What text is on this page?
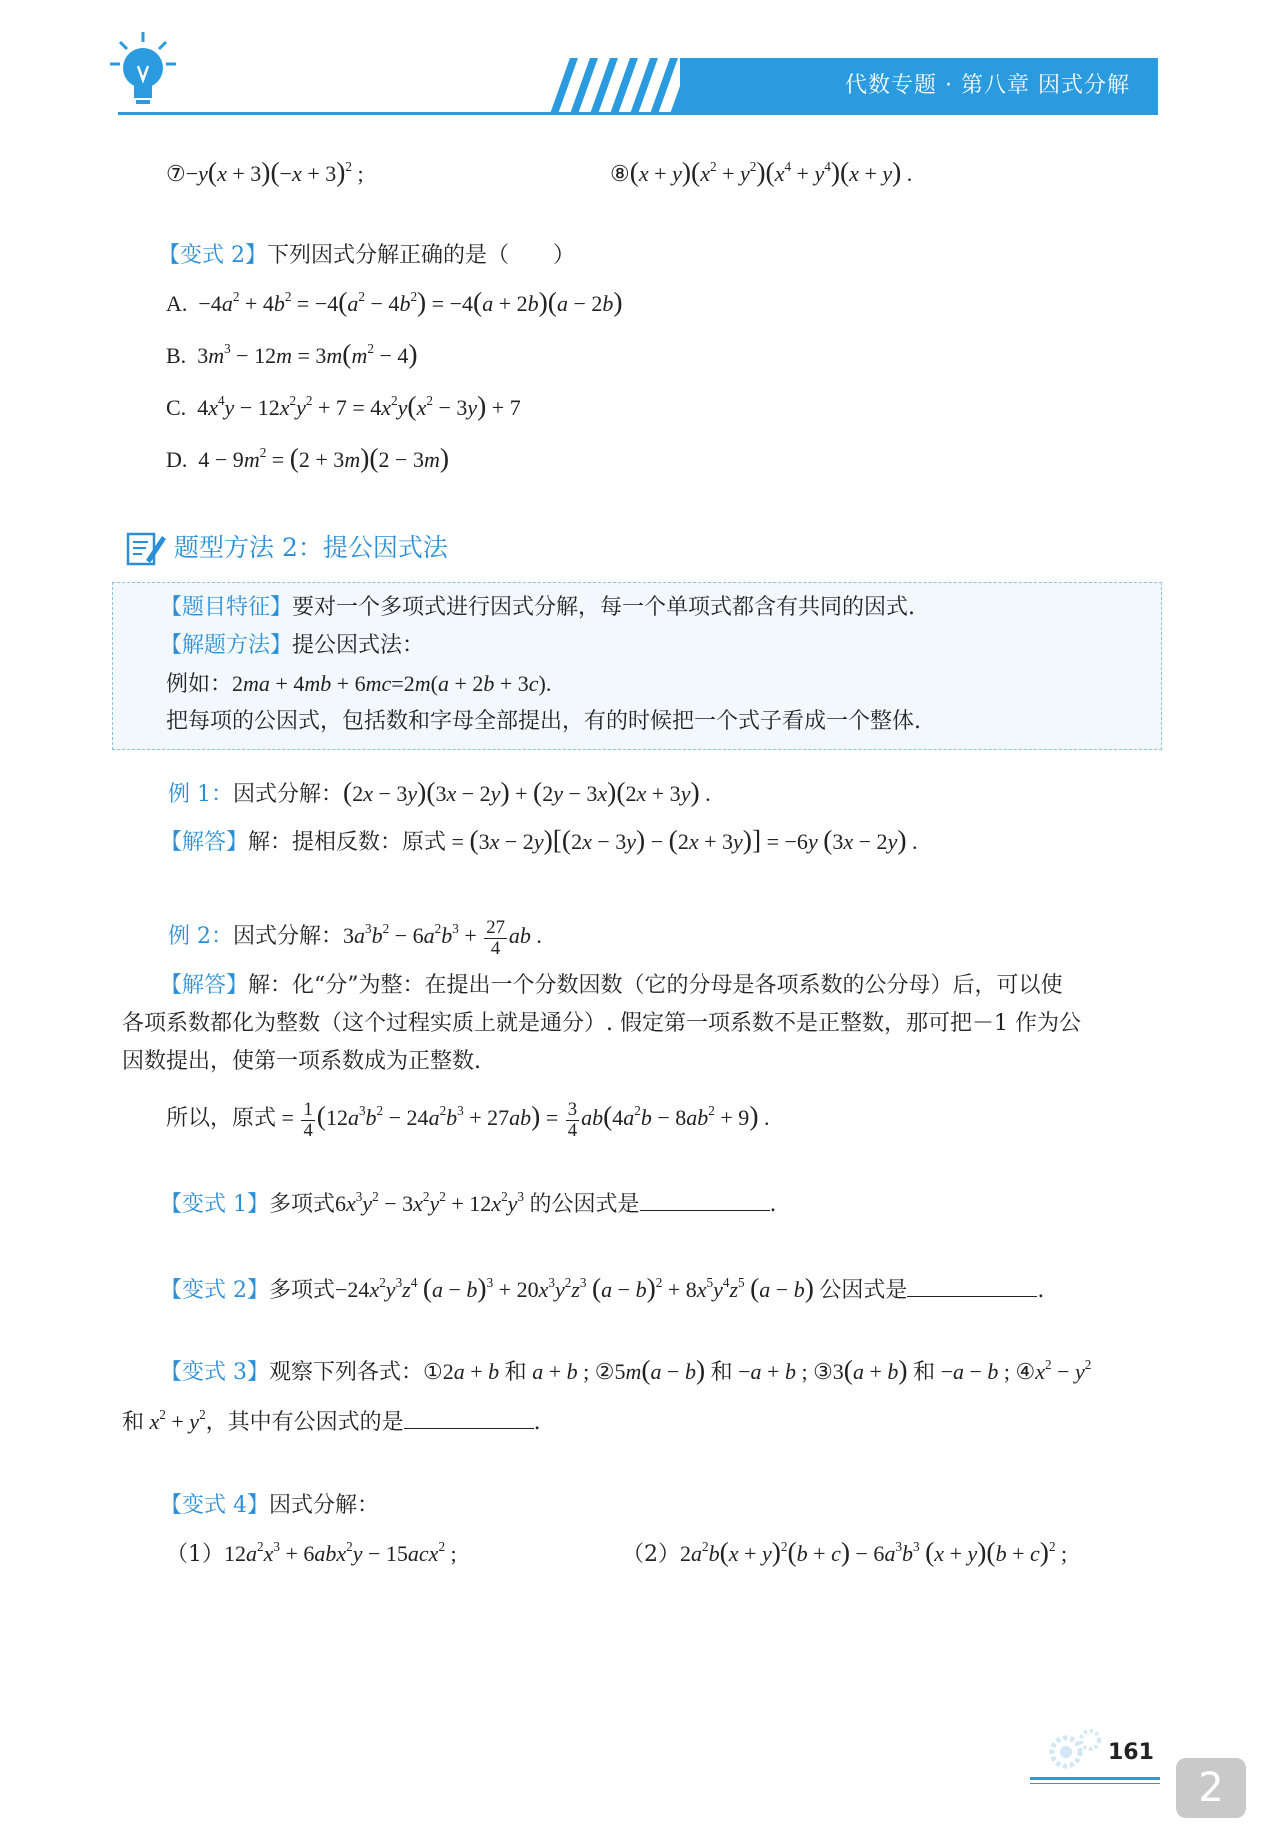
代数专题 · 第八章 因式分解
⑦−y(x + $3)(-x + 3)^2$ ;	⑧(x + $y)(x^2 + y^2)(x^4 + y^4)(x + y)$ .
【变式 2】下列因式分解正确的是（　　）
A. $-4a^2 + 4b^2 = -4(a^2 - 4b^2) = -4(a + 2b)(a - 2b)$
B. $3m^3 - 12m = 3m(m^2 - 4)$
C. $4x^4y - 12x^2y^2 + 7 = 4x^2y(x^2 - 3y) + 7$
D. $4 - 9m^2 = (2 + 3m)(2 - 3m)$
题型方法 2：提公因式法
【题目特征】要对一个多项式进行因式分解，每一个单项式都含有共同的因式.
【解题方法】提公因式法：
例如：2ma + 4mb + 6mc=2m(a + 2b + 3c).
把每项的公因式，包括数和字母全部提出，有的时候把一个式子看成一个整体.
例 1：因式分解：(2x − 3y)(3x − 2y) + (2y − 3x)(2x + 3y) .
【解答】解：提相反数：原式 = (3x − 2y)[(2x − 3y) − (2x + 3y)] = −6y (3x − 2y) .
例 2：因式分解：$3a^3b^2 - 6a^2b^3 + \frac{27}{4}$ ab .
【解答】解：化“分”为整：在提出一个分数因数（它的分母是各项系数的公分母）后，可以使
各项系数都化为整数（这个过程实质上就是通分）. 假定第一项系数不是正整数，那可把－1 作为公
因数提出，使第一项系数成为正整数.
所以，原式 = $\frac{1}{4} (12a^3b^2 - 24a^2b^3 + 27ab) = \frac{3}{4} ab(4a^2b - 8ab^2 + 9)$ .
【变式 1】多项式$6x^3y^2 - 3x^2y^2 + 12x^2y^3$ 的公因式是	.
【变式 2】多项式$-24x^2y^3z^4$ $(a - b)^3 + 20x^3y^2z^3$ $(a - b)^2 + 8x^5y^4z^5$ (a − b) 公因式是	.
【变式 3】观察下列各式：①2a + b 和 a + b ; ②5m(a − b) 和 −a + b ; ③3(a + b) 和 −a − b ; $④x^2 - y^2$
和 $x^2 + y^2$，其中有公因式的是	.
【变式 4】因式分解：
$(1)12a^2x^3 + 6abx^2y - 15acx^2$ ;	$(2)2a^2b(x + y)^2(b + c) - 6a^3b^3$ $(x + y)(b + c)^2$ ;
161
2
